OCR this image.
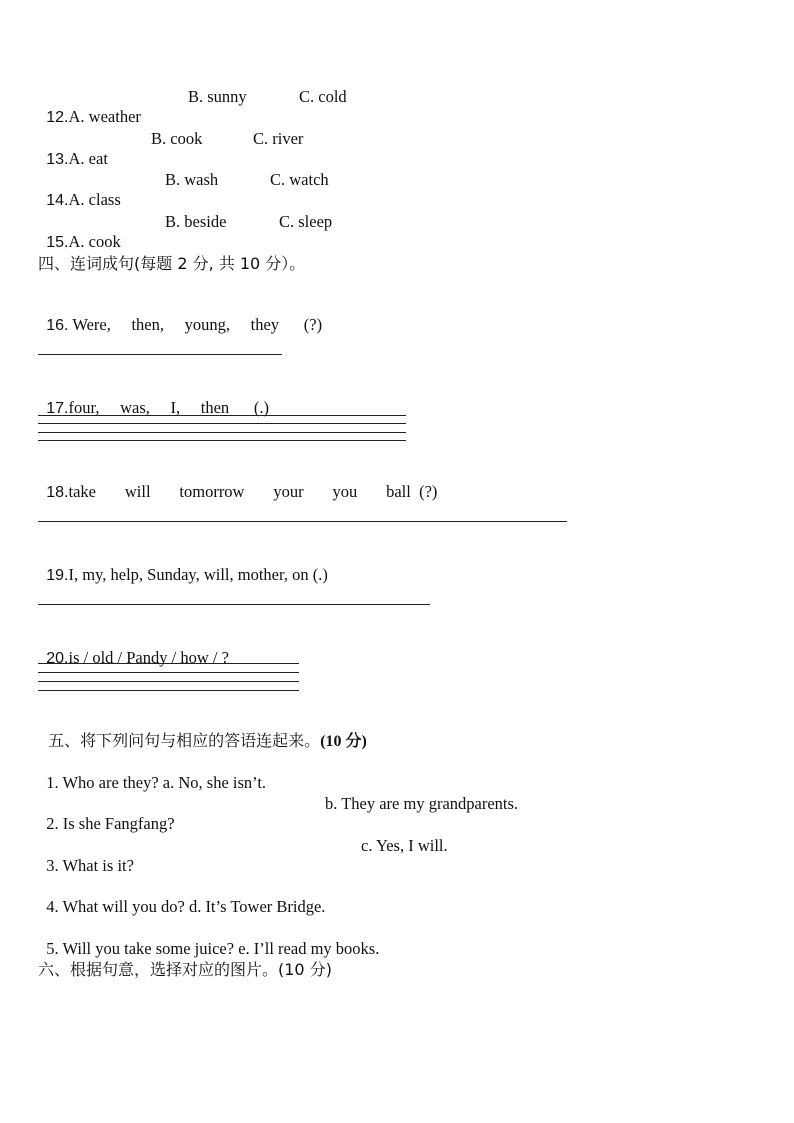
12.A. weather

B. sunny

	C. cold

13.A. eat

B. cook

	C. river

14.A. class

B. wash

	C. watch

15.A. cook

B. beside

	C. sleep

四、连词成句(每题 2 分, 共 10 分）。

16. Were,     then,     young,     they      (?)

17.four,     was,     I,     then      (.)

18.take       will       tomorrow       your       you       ball  (?)

19.I, my, help, Sunday, will, mother, on (.)

20.is / old / Pandy / how / ?

五、将下列问句与相应的答语连起来。(10 分)

1. Who are they? a. No, she isn’t.

2. Is she Fangfang?

b. They are my grandparents.

3. What is it?

c. Yes, I will.

4. What will you do? d. It’s Tower Bridge.

5. Will you take some juice? e. I’ll read my books.

六、根据句意，选择对应的图片。(10 分)
